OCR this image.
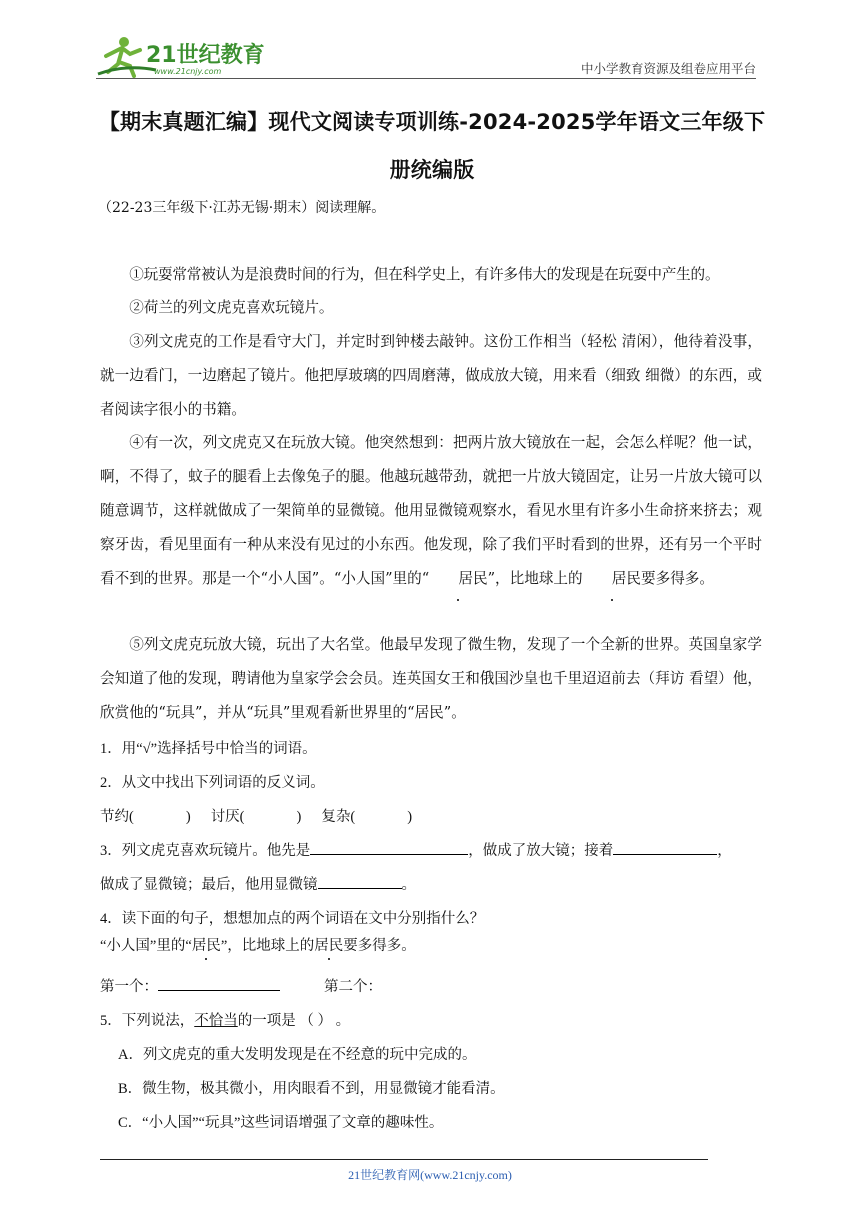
21世纪教育
www.21cnjy.com	中小学教育资源及组卷应用平台
【期末真题汇编】现代文阅读专项训练-2024-2025学年语文三年级下
册统编版
（22-23三年级下·江苏无锡·期末）阅读理解。
①玩耍常常被认为是浪费时间的行为，但在科学史上，有许多伟大的发现是在玩耍中产生的。
②荷兰的列文虎克喜欢玩镜片。
③列文虎克的工作是看守大门，并定时到钟楼去敲钟。这份工作相当（轻松 清闲），他待着没事，就一边看门，一边磨起了镜片。他把厚玻璃的四周磨薄，做成放大镜，用来看（细致 细微）的东西，或者阅读字很小的书籍。
④有一次，列文虎克又在玩放大镜。他突然想到：把两片放大镜放在一起，会怎么样呢？他一试，啊，不得了，蚊子的腿看上去像兔子的腿。他越玩越带劲，就把一片放大镜固定，让另一片放大镜可以随意调节，这样就做成了一架简单的显微镜。他用显微镜观察水，看见水里有许多小生命挤来挤去；观察牙齿，看见里面有一种从来没有见过的小东西。他发现，除了我们平时看到的世界，还有另一个平时看不到的世界。那是一个“小人国”。“小人国”里的“ 居民”，比地球上的 居民要多得多。
⑤列文虎克玩放大镜，玩出了大名堂。他最早发现了微生物，发现了一个全新的世界。英国皇家学会知道了他的发现，聘请他为皇家学会会员。连英国女王和俄国沙皇也千里迢迢前去（拜访 看望）他，欣赏他的“玩具”，并从“玩具”里观看新世界里的“居民”。
1．用“√”选择括号中恰当的词语。
2．从文中找出下列词语的反义词。
节约(	) 讨厌(	) 复杂(	)
3．列文虎克喜欢玩镜片。他先是	，做成了放大镜；接着	，
做成了显微镜；最后，他用显微镜	。
4．读下面的句子，想想加点的两个词语在文中分别指什么？
“小人国”里的“居民”，比地球上的居民要多得多。
第一个：	第二个：
5．下列说法，不恰当的一项是 （ ） 。
A．列文虎克的重大发明发现是在不经意的玩中完成的。
B．微生物，极其微小，用肉眼看不到，用显微镜才能看清。
C．“小人国”“玩具”这些词语增强了文章的趣味性。
21世纪教育网(www.21cnjy.com)
